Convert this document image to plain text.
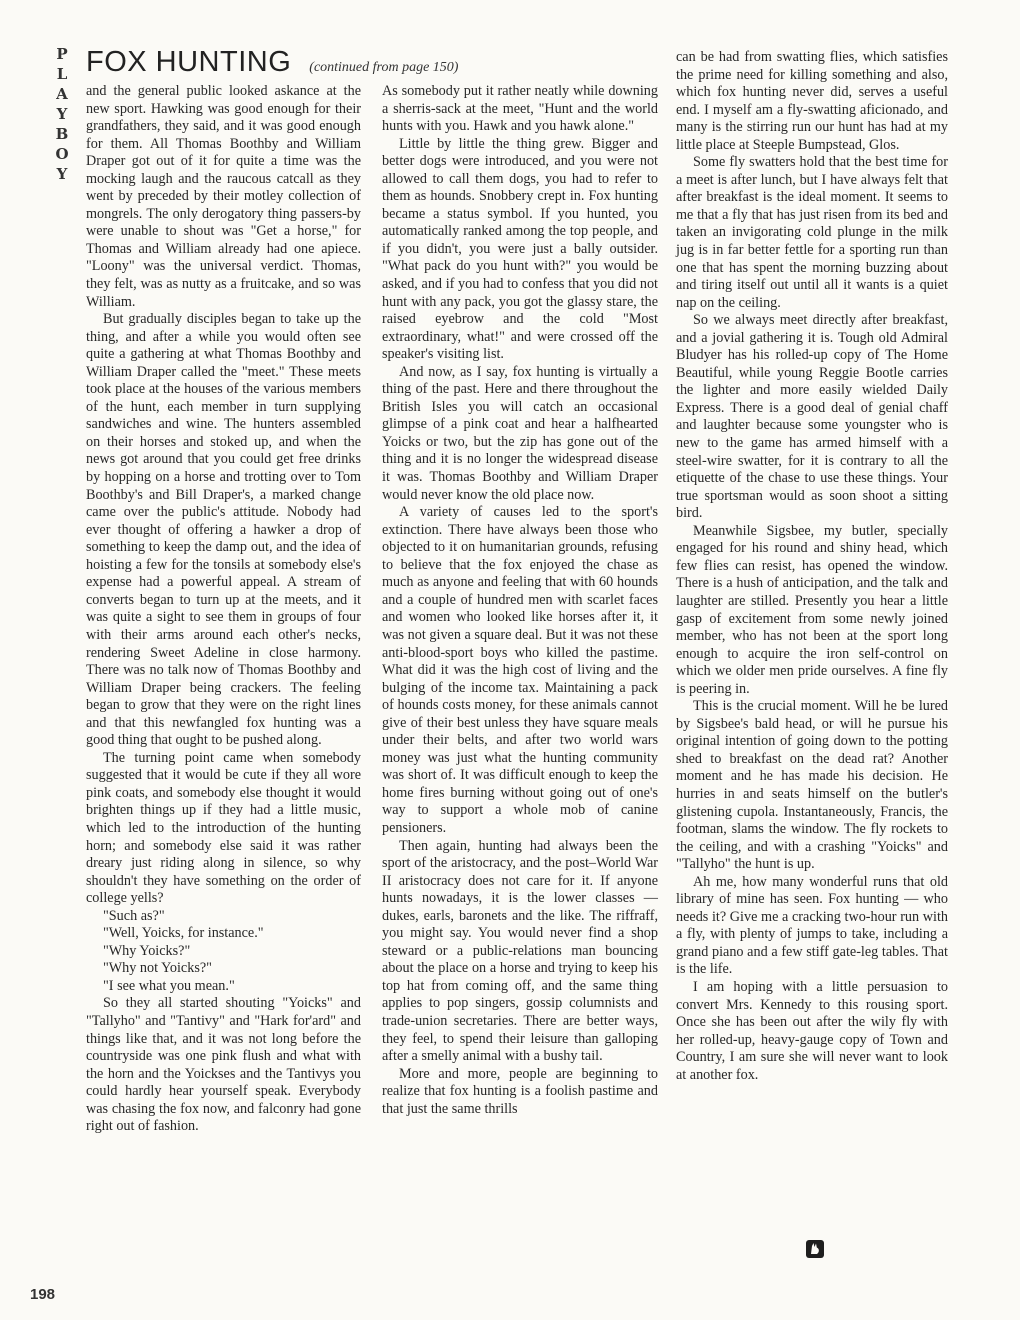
P
L
A
Y
B
O
Y
FOX HUNTING (continued from page 150)

and the general public looked askance at the new sport. Hawking was good enough for their grandfathers, they said, and it was good enough for them. All Thomas Boothby and William Draper got out of it for quite a time was the mocking laugh and the raucous catcall as they went by preceded by their motley collection of mongrels. The only derogatory thing passers-by were unable to shout was "Get a horse," for Thomas and William already had one apiece. "Loony" was the universal verdict. Thomas, they felt, was as nutty as a fruitcake, and so was William.

But gradually disciples began to take up the thing, and after a while you would often see quite a gathering at what Thomas Boothby and William Draper called the "meet." These meets took place at the houses of the various members of the hunt, each member in turn supplying sandwiches and wine. The hunters assembled on their horses and stoked up, and when the news got around that you could get free drinks by hopping on a horse and trotting over to Tom Boothby's and Bill Draper's, a marked change came over the public's attitude. Nobody had ever thought of offering a hawker a drop of something to keep the damp out, and the idea of hoisting a few for the tonsils at somebody else's expense had a powerful appeal. A stream of converts began to turn up at the meets, and it was quite a sight to see them in groups of four with their arms around each other's necks, rendering Sweet Adeline in close harmony. There was no talk now of Thomas Boothby and William Draper being crackers. The feeling began to grow that they were on the right lines and that this newfangled fox hunting was a good thing that ought to be pushed along.

The turning point came when somebody suggested that it would be cute if they all wore pink coats, and somebody else thought it would brighten things up if they had a little music, which led to the introduction of the hunting horn; and somebody else said it was rather dreary just riding along in silence, so why shouldn't they have something on the order of college yells?

"Such as?"

"Well, Yoicks, for instance."

"Why Yoicks?"

"Why not Yoicks?"

"I see what you mean."

So they all started shouting "Yoicks" and "Tallyho" and "Tantivy" and "Hark for'ard" and things like that, and it was not long before the countryside was one pink flush and what with the horn and the Yoickses and the Tantivys you could hardly hear yourself speak. Everybody was chasing the fox now, and falconry had gone right out of fashion.

As somebody put it rather neatly while downing a sherris-sack at the meet, "Hunt and the world hunts with you. Hawk and you hawk alone."

Little by little the thing grew. Bigger and better dogs were introduced, and you were not allowed to call them dogs, you had to refer to them as hounds. Snobbery crept in. Fox hunting became a status symbol. If you hunted, you automatically ranked among the top people, and if you didn't, you were just a bally outsider. "What pack do you hunt with?" you would be asked, and if you had to confess that you did not hunt with any pack, you got the glassy stare, the raised eyebrow and the cold "Most extraordinary, what!" and were crossed off the speaker's visiting list.

And now, as I say, fox hunting is virtually a thing of the past. Here and there throughout the British Isles you will catch an occasional glimpse of a pink coat and hear a halfhearted Yoicks or two, but the zip has gone out of the thing and it is no longer the widespread disease it was. Thomas Boothby and William Draper would never know the old place now.

A variety of causes led to the sport's extinction. There have always been those who objected to it on humanitarian grounds, refusing to believe that the fox enjoyed the chase as much as anyone and feeling that with 60 hounds and a couple of hundred men with scarlet faces and women who looked like horses after it, it was not given a square deal. But it was not these anti-blood-sport boys who killed the pastime. What did it was the high cost of living and the bulging of the income tax. Maintaining a pack of hounds costs money, for these animals cannot give of their best unless they have square meals under their belts, and after two world wars money was just what the hunting community was short of. It was difficult enough to keep the home fires burning without going out of one's way to support a whole mob of canine pensioners.

Then again, hunting had always been the sport of the aristocracy, and the post–World War II aristocracy does not care for it. If anyone hunts nowadays, it is the lower classes — dukes, earls, baronets and the like. The riffraff, you might say. You would never find a shop steward or a public-relations man bouncing about the place on a horse and trying to keep his top hat from coming off, and the same thing applies to pop singers, gossip columnists and trade-union secretaries. There are better ways, they feel, to spend their leisure than galloping after a smelly animal with a bushy tail.

More and more, people are beginning to realize that fox hunting is a foolish pastime and that just the same thrills

can be had from swatting flies, which satisfies the prime need for killing something and also, which fox hunting never did, serves a useful end. I myself am a fly-swatting aficionado, and many is the stirring run our hunt has had at my little place at Steeple Bumpstead, Glos.

Some fly swatters hold that the best time for a meet is after lunch, but I have always felt that after breakfast is the ideal moment. It seems to me that a fly that has just risen from its bed and taken an invigorating cold plunge in the milk jug is in far better fettle for a sporting run than one that has spent the morning buzzing about and tiring itself out until all it wants is a quiet nap on the ceiling.

So we always meet directly after breakfast, and a jovial gathering it is. Tough old Admiral Bludyer has his rolled-up copy of The Home Beautiful, while young Reggie Bootle carries the lighter and more easily wielded Daily Express. There is a good deal of genial chaff and laughter because some youngster who is new to the game has armed himself with a steel-wire swatter, for it is contrary to all the etiquette of the chase to use these things. Your true sportsman would as soon shoot a sitting bird.

Meanwhile Sigsbee, my butler, specially engaged for his round and shiny head, which few flies can resist, has opened the window. There is a hush of anticipation, and the talk and laughter are stilled. Presently you hear a little gasp of excitement from some newly joined member, who has not been at the sport long enough to acquire the iron self-control on which we older men pride ourselves. A fine fly is peering in.

This is the crucial moment. Will he be lured by Sigsbee's bald head, or will he pursue his original intention of going down to the potting shed to breakfast on the dead rat? Another moment and he has made his decision. He hurries in and seats himself on the butler's glistening cupola. Instantaneously, Francis, the footman, slams the window. The fly rockets to the ceiling, and with a crashing "Yoicks" and "Tallyho" the hunt is up.

Ah me, how many wonderful runs that old library of mine has seen. Fox hunting — who needs it? Give me a cracking two-hour run with a fly, with plenty of jumps to take, including a grand piano and a few stiff gate-leg tables. That is the life.

I am hoping with a little persuasion to convert Mrs. Kennedy to this rousing sport. Once she has been out after the wily fly with her rolled-up, heavy-gauge copy of Town and Country, I am sure she will never want to look at another fox.

198
